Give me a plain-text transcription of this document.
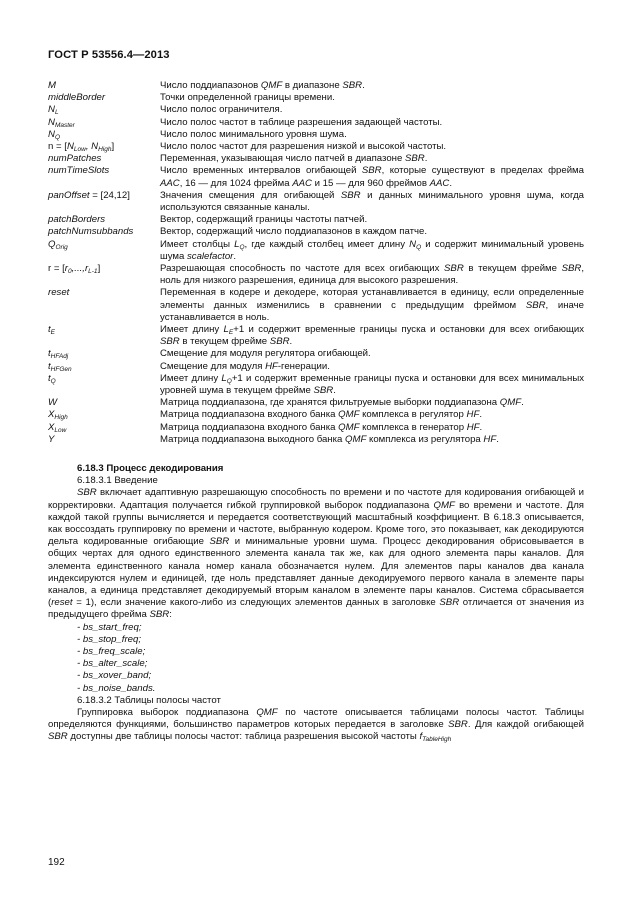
ГОСТ Р 53556.4—2013
M	Число поддиапазонов QMF в диапазоне SBR.
middleBorder	Точки определенной границы времени.
$N_L$	Число полос ограничителя.
$N_{Master}$	Число полос частот в таблице разрешения задающей частоты.
$N_Q$	Число полос минимального уровня шума.
$n = [N_{Low}$, $N_{High}$]	Число полос частот для разрешения низкой и высокой частоты.
numPatches	Переменная, указывающая число патчей в диапазоне SBR.
numTimeSlots	Число временных интервалов огибающей SBR, которые существуют в пределах фрейма AAC, 16 — для 1024 фрейма AAC и 15 — для 960 фреймов AAC.
panOffset = [24,12]	Значения смещения для огибающей SBR и данных минимального уровня шума, когда используются связанные каналы.
patchBorders	Вектор, содержащий границы частоты патчей.
patchNumsubbands	Вектор, содержащий число поддиапазонов в каждом патче.
$Q_{Orig}$	Имеет столбцы $L_Q$, где каждый столбец имеет длину $N_Q$ и содержит минимальный уровень шума scalefactor.
$r = [r_0,...,r_{L-1}]$	Разрешающая способность по частоте для всех огибающих SBR в текущем фрейме SBR, ноль для низкого разрешения, единица для высокого разрешения.
reset	Переменная в кодере и декодере, которая устанавливается в единицу, если определенные элементы данных изменились в сравнении с предыдущим фреймом SBR, иначе устанавливается в ноль.
$t_E$	Имеет длину $L_E+1$ и содержит временные границы пуска и остановки для всех огибающих SBR в текущем фрейме SBR.
$t_{HFAdj}$	Смещение для модуля регулятора огибающей.
$t_{HFGen}$	Смещение для модуля HF-генерации.
$t_Q$	Имеет длину $L_Q+1$ и содержит временные границы пуска и остановки для всех минимальных уровней шума в текущем фрейме SBR.
W	Матрица поддиапазона, где хранятся фильтруемые выборки поддиапазона QMF.
$X_{High}$	Матрица поддиапазона входного банка QMF комплекса в регулятор HF.
$X_{Low}$	Матрица поддиапазона входного банка QMF комплекса в генератор HF.
Y	Матрица поддиапазона выходного банка QMF комплекса из регулятора HF.
6.18.3 Процесс декодирования
6.18.3.1 Введение
SBR включает адаптивную разрешающую способность по времени и по частоте для кодирования огибающей и корректировки. Адаптация получается гибкой группировкой выборок поддиапазона QMF во времени и частоте. Для каждой такой группы вычисляется и передается соответствующий масштабный коэффициент. В 6.18.3 описывается, как воссоздать группировку по времени и частоте, выбранную кодером. Кроме того, это показывает, как декодируются дельта кодированные огибающие SBR и минимальные уровни шума. Процесс декодирования обрисовывается в общих чертах для одного единственного элемента канала так же, как для одного элемента пары каналов. Для элемента единственного канала номер канала обозначается нулем. Для элементов пары каналов два канала индексируются нулем и единицей, где ноль представляет данные декодируемого первого канала в элементе пары каналов, а единица представляет декодируемый вторым каналом в элементе пары каналов. Система сбрасывается (reset = 1), если значение какого-либо из следующих элементов данных в заголовке SBR отличается от значения из предыдущего фрейма SBR:
- bs_start_freq;
- bs_stop_freq;
- bs_freq_scale;
- bs_alter_scale;
- bs_xover_band;
- bs_noise_bands.
6.18.3.2 Таблицы полосы частот
Группировка выборок поддиапазона QMF по частоте описывается таблицами полосы частот. Таблицы определяются функциями, большинство параметров которых передается в заголовке SBR. Для каждой огибающей SBR доступны две таблицы полосы частот: таблица разрешения высокой частоты $f_{TableHigh}$
192
